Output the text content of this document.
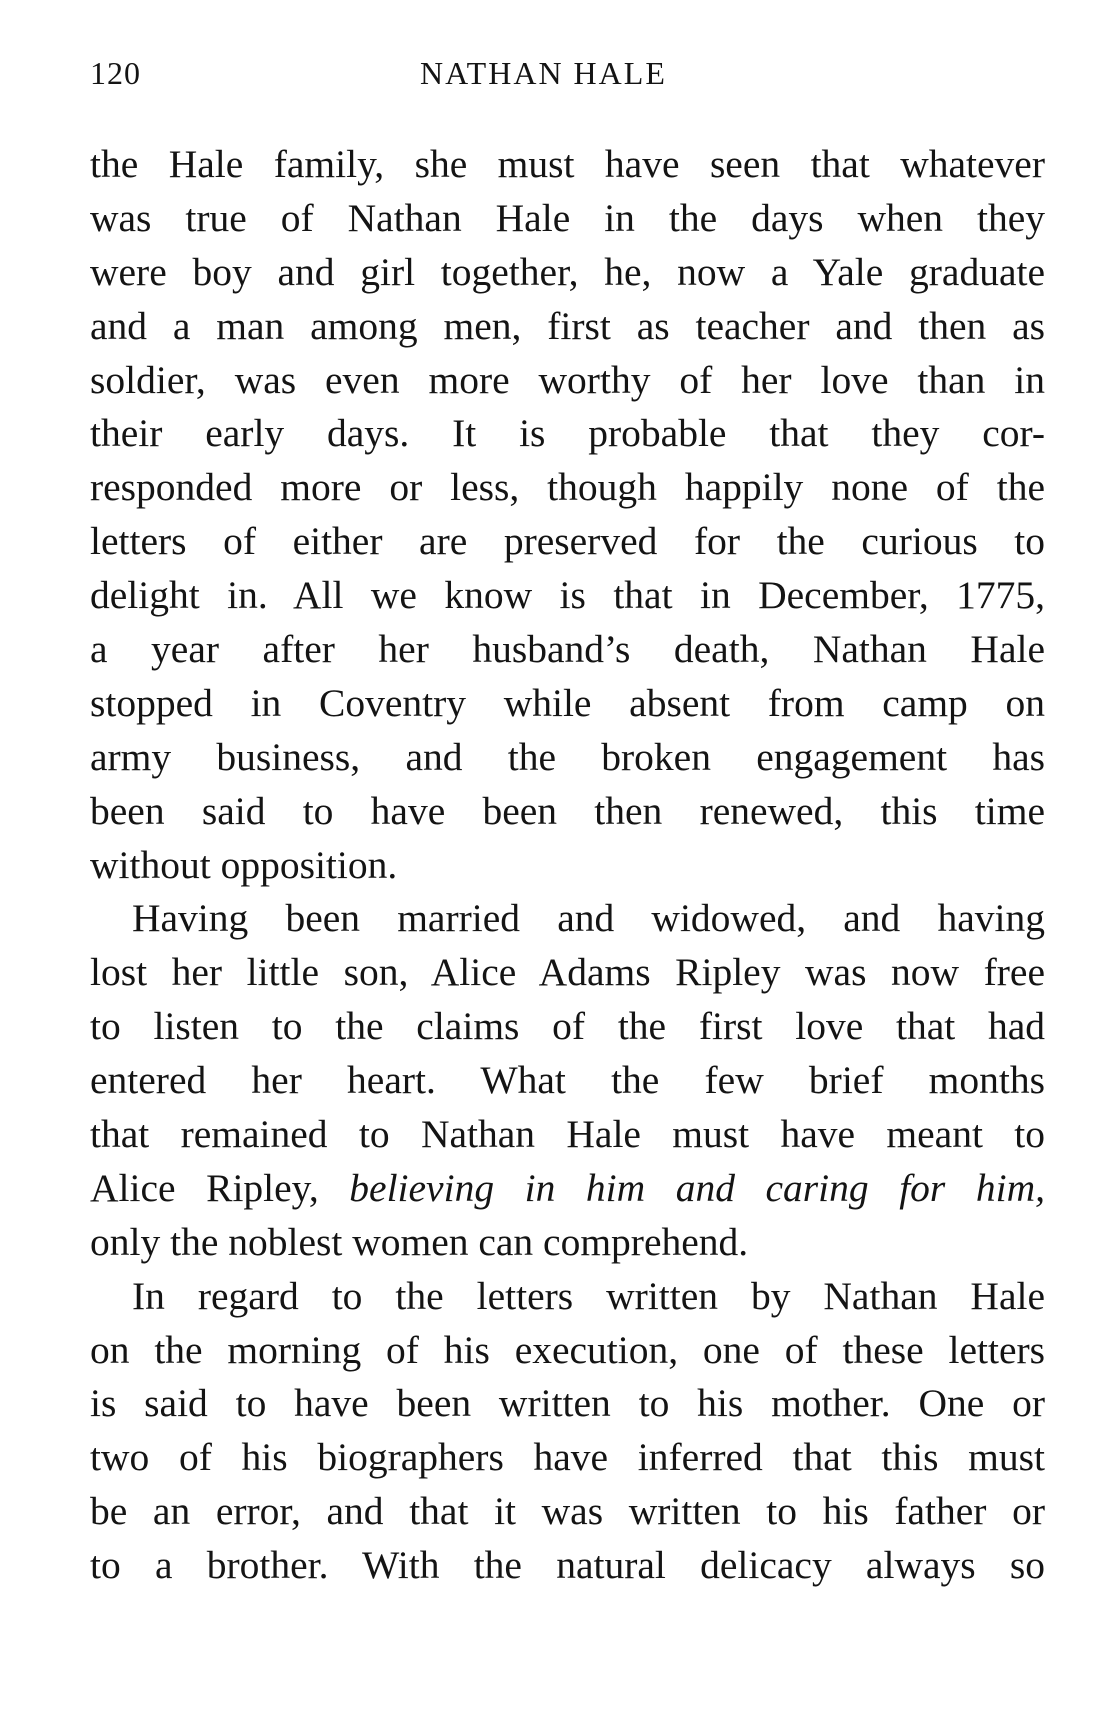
120	NATHAN HALE
the Hale family, she must have seen that whatever
was true of Nathan Hale in the days when they
were boy and girl together, he, now a Yale graduate
and a man among men, first as teacher and then as
soldier, was even more worthy of her love than in
their early days. It is probable that they cor-
responded more or less, though happily none of the
letters of either are preserved for the curious to
delight in. All we know is that in December, 1775,
a year after her husband’s death, Nathan Hale
stopped in Coventry while absent from camp on
army business, and the broken engagement has
been said to have been then renewed, this time
without opposition.
Having been married and widowed, and having
lost her little son, Alice Adams Ripley was now free
to listen to the claims of the first love that had
entered her heart. What the few brief months
that remained to Nathan Hale must have meant to
Alice Ripley, believing in him and caring for him,
only the noblest women can comprehend.
In regard to the letters written by Nathan Hale
on the morning of his execution, one of these letters
is said to have been written to his mother. One or
two of his biographers have inferred that this must
be an error, and that it was written to his father or
to a brother. With the natural delicacy always so
